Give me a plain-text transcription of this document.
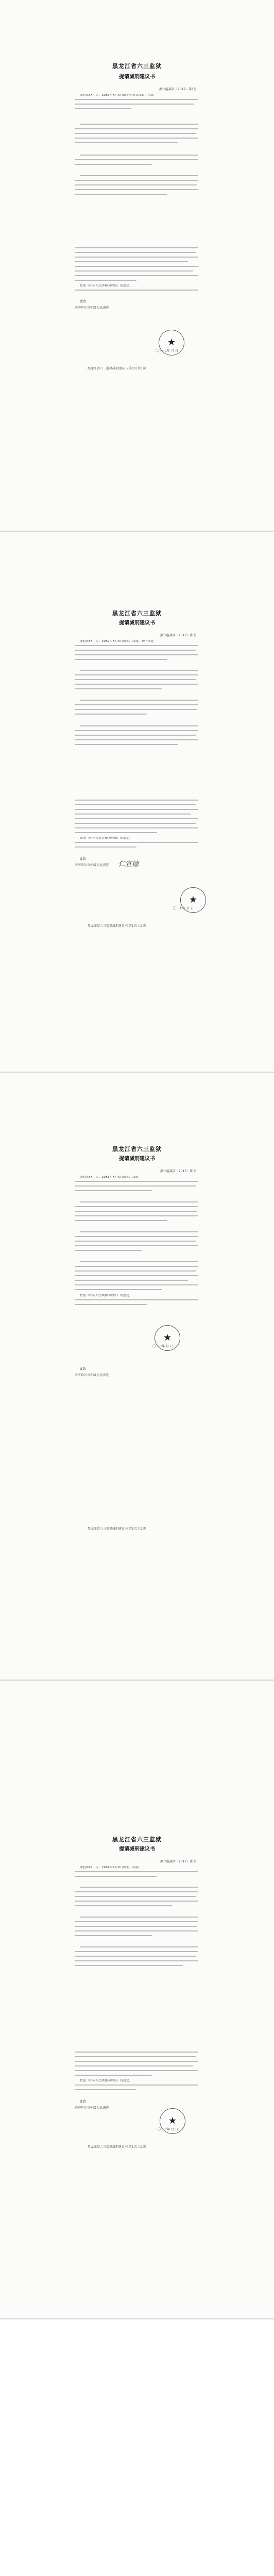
黑龙江省六三监狱
提请减刑建议书
黑六监减字（2017）第1号
罪犯XXX，男，1983年X月X日出生于黑龙江省，汉族
依照《中华人民共和国刑法》的规定，
此致
齐齐哈尔市中级人民法院
★
二〇一七年 月 日
黑龙江省六三监狱减刑建议书 第1页 共1页
黑龙江省六三监狱
提请减刑建议书
黑六监减字（2017）第 号
罪犯XXX，男，1962年X月X日出生，汉族，初中文化
依照《中华人民共和国刑法》的规定，
此致
齐齐哈尔市中级人民法院 仁宜德
★
二〇一七年 月 日
黑龙江省六三监狱减刑建议书 第1页 共1页
黑龙江省六三监狱
提请减刑建议书
黑六监减字（2017）第 号
罪犯XXX，男，1981年X月X日出生，汉族
依照《中华人民共和国刑法》的规定，
★
二〇一七年 月 日
此致
齐齐哈尔市中级人民法院
黑龙江省六三监狱减刑建议书 第1页 共1页
黑龙江省六三监狱
提请减刑建议书
黑六监减字（2017）第 号
罪犯XXX，男，1981年X月X日出生，汉族
依照《中华人民共和国刑法》的规定，
此致
齐齐哈尔市中级人民法院
★
二〇一七年 月 日
黑龙江省六三监狱减刑建议书 第1页 共1页
